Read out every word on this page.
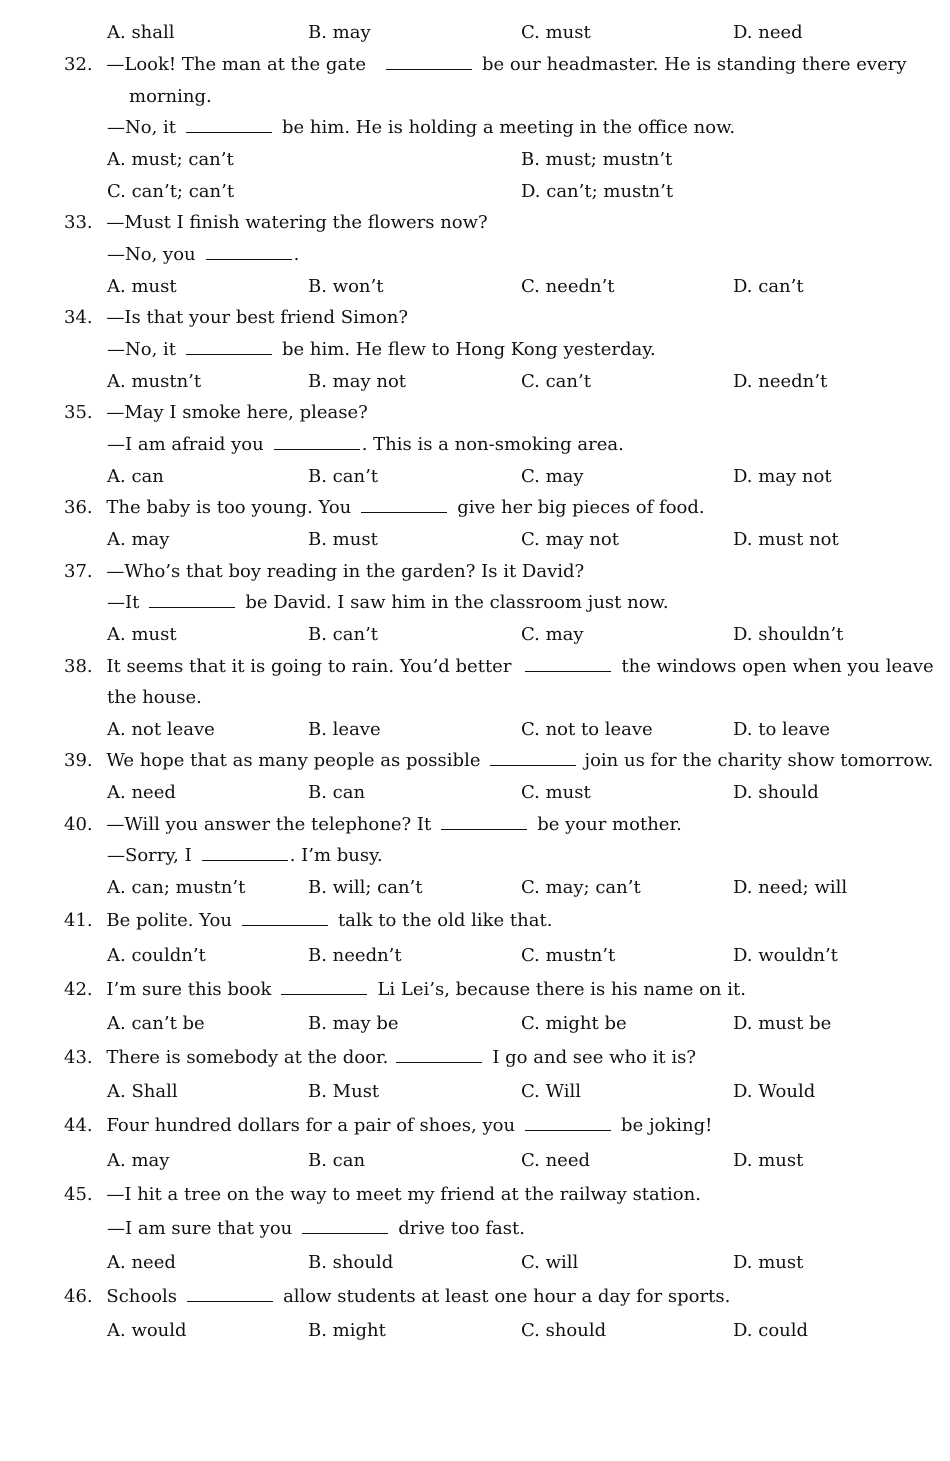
A. shall	B. may	C. must	D. need
32. —Look! The man at the gate	be our headmaster. He is standing there every
morning.
—No, it	be him. He is holding a meeting in the office now.
A. must; can’t	B. must; mustn’t
C. can’t; can’t	D. can’t; mustn’t
33. —Must I finish watering the flowers now?
—No, you	.
A. must	B. won’t	C. needn’t	D. can’t
34. —Is that your best friend Simon?
—No, it	be him. He flew to Hong Kong yesterday.
A. mustn’t	B. may not	C. can’t	D. needn’t
35. —May I smoke here, please?
—I am afraid you	. This is a non-smoking area.
A. can	B. can’t	C. may	D. may not
36. The baby is too young. You	give her big pieces of food.
A. may	B. must	C. may not	D. must not
37. —Who’s that boy reading in the garden? Is it David?
—It	be David. I saw him in the classroom just now.
A. must	B. can’t	C. may	D. shouldn’t
38. It seems that it is going to rain. You’d better	the windows open when you leave
the house.
A. not leave	B. leave	C. not to leave	D. to leave
39. We hope that as many people as possible	join us for the charity show tomorrow.
A. need	B. can	C. must	D. should
40. —Will you answer the telephone? It	be your mother.
—Sorry, I	. I’m busy.
A. can; mustn’t	B. will; can’t	C. may; can’t	D. need; will
41. Be polite. You	talk to the old like that.
A. couldn’t	B. needn’t	C. mustn’t	D. wouldn’t
42. I’m sure this book	Li Lei’s, because there is his name on it.
A. can’t be	B. may be	C. might be	D. must be
43. There is somebody at the door.	I go and see who it is?
A. Shall	B. Must	C. Will	D. Would
44. Four hundred dollars for a pair of shoes, you	be joking!
A. may	B. can	C. need	D. must
45. —I hit a tree on the way to meet my friend at the railway station.
—I am sure that you	drive too fast.
A. need	B. should	C. will	D. must
46. Schools	allow students at least one hour a day for sports.
A. would	B. might	C. should	D. could
